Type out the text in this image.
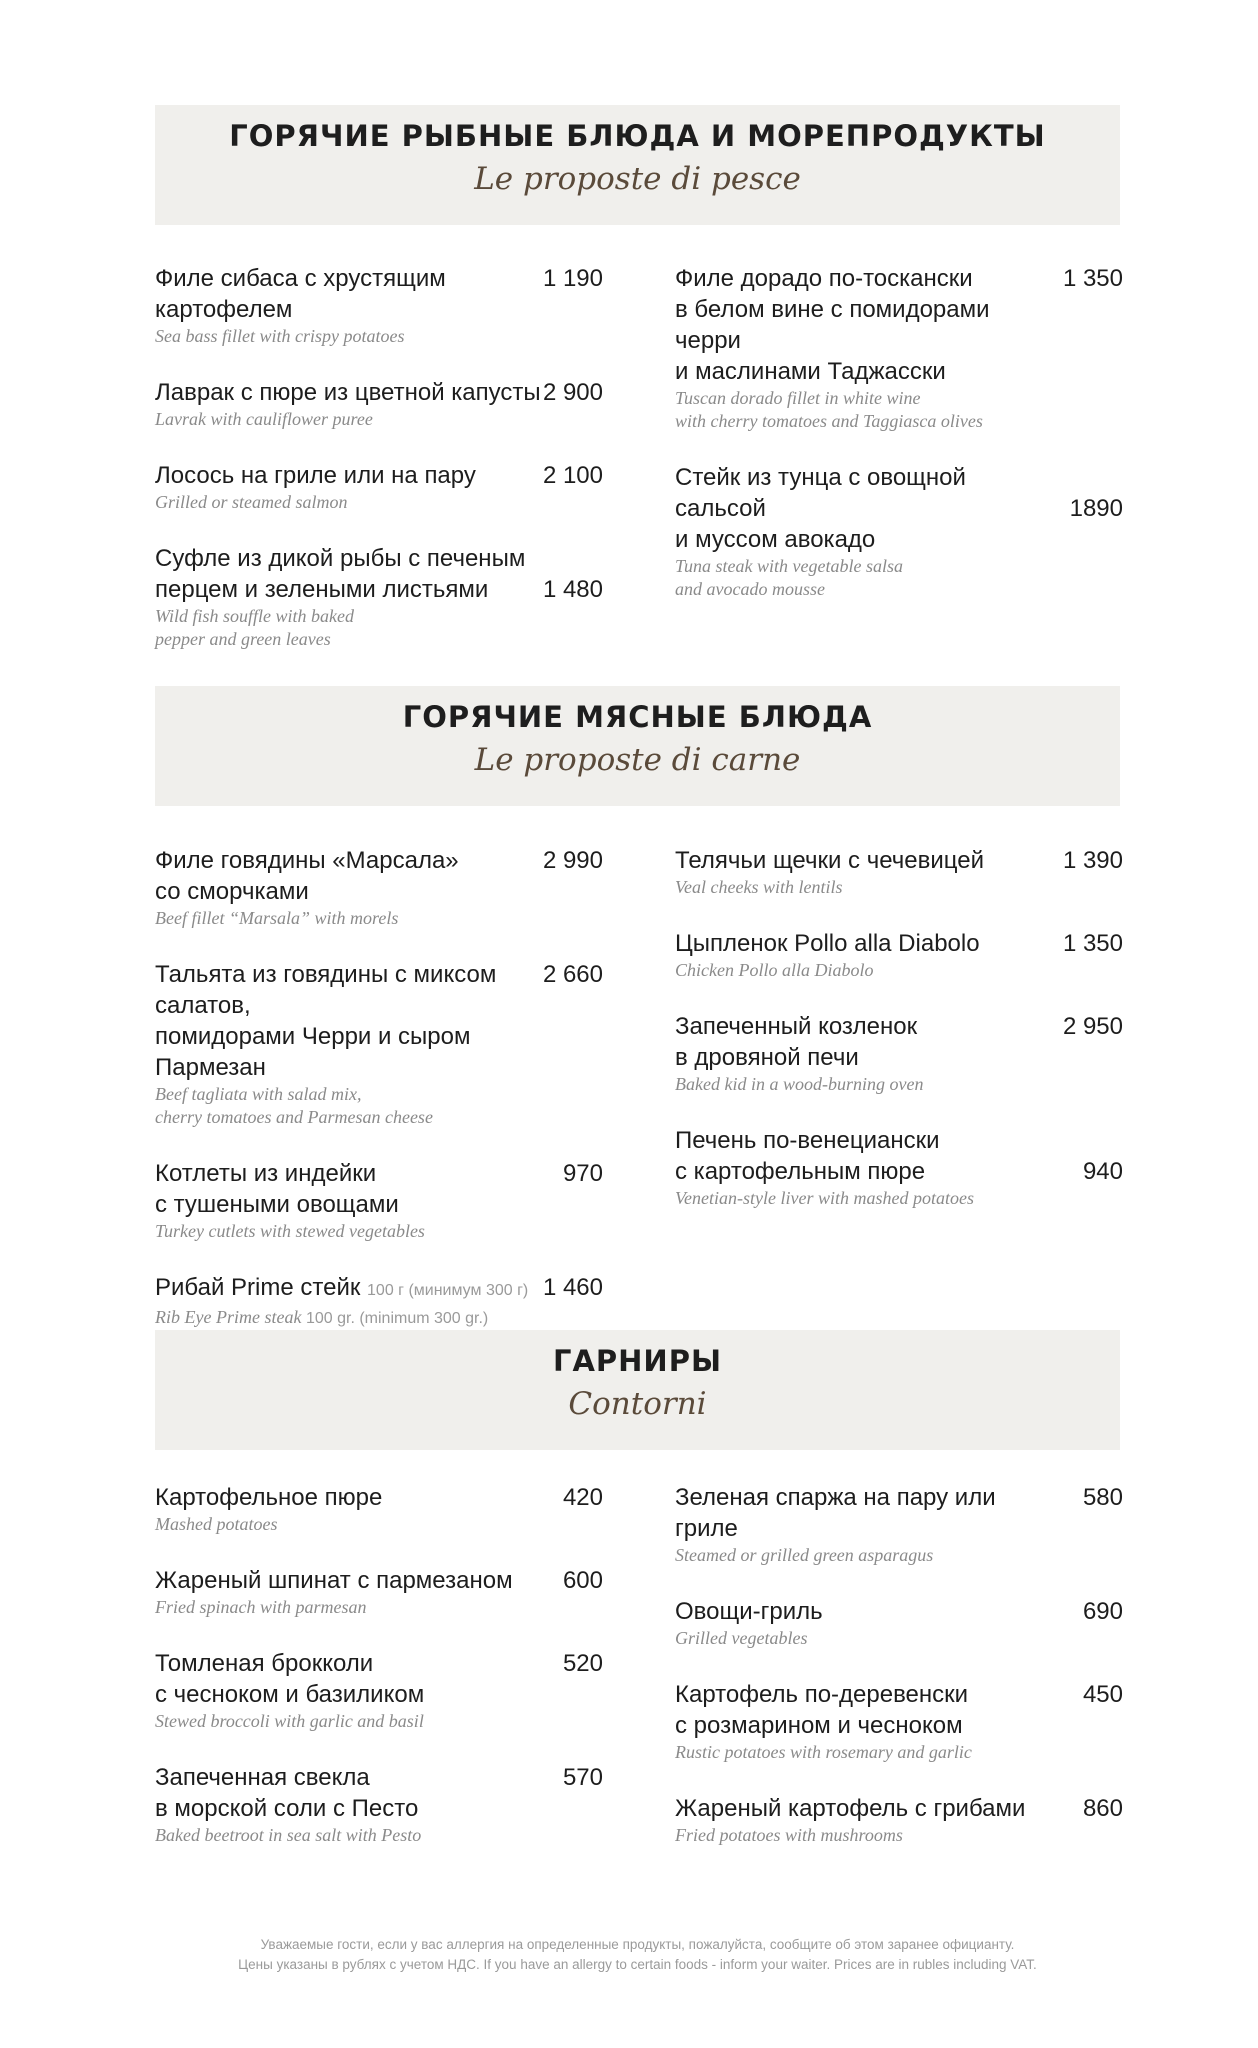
ГОРЯЧИЕ РЫБНЫЕ БЛЮДА И МОРЕПРОДУКТЫ
Le proposte di pesce
1 190
Филе сибаса с хрустящим картофелем
Sea bass fillet with crispy potatoes
2 900
Лаврак с пюре из цветной капусты
Lavrak with cauliflower puree
2 100
Лосось на гриле или на пару
Grilled or steamed salmon
1 480
Суфле из дикой рыбы с печеным
перцем и зелеными листьями
Wild fish souffle with baked
pepper and green leaves
1 350
Филе дорадо по-тоскански
в белом вине с помидорами черри
и маслинами Таджасски
Tuscan dorado fillet in white wine
with cherry tomatoes and Taggiasca olives
1890
Стейк из тунца с овощной сальсой
и муссом авокадо
Tuna steak with vegetable salsa
and avocado mousse
ГОРЯЧИЕ МЯСНЫЕ БЛЮДА
Le proposte di carne
2 990
Филе говядины «Марсала»
со сморчками
Beef fillet “Marsala” with morels
2 660
Тальята из говядины с миксом салатов,
помидорами Черри и сыром Пармезан
Beef tagliata with salad mix,
cherry tomatoes and Parmesan cheese
970
Котлеты из индейки
с тушеными овощами
Turkey cutlets with stewed vegetables
1 460
Рибай Prime стейк 100 г (минимум 300 г)
Rib Eye Prime steak 100 gr. (minimum 300 gr.)
1 390
Телячьи щечки с чечевицей
Veal cheeks with lentils
1 350
Цыпленок Pollo alla Diabolo
Chicken Pollo alla Diabolo
2 950
Запеченный козленок
в дровяной печи
Baked kid in a wood-burning oven
940
Печень по-венециански
с картофельным пюре
Venetian-style liver with mashed potatoes
ГАРНИРЫ
Contorni
420
Картофельное пюре
Mashed potatoes
600
Жареный шпинат с пармезаном
Fried spinach with parmesan
520
Томленая брокколи
с чесноком и базиликом
Stewed broccoli with garlic and basil
570
Запеченная свекла
в морской соли с Песто
Baked beetroot in sea salt with Pesto
580
Зеленая спаржа на пару или гриле
Steamed or grilled green asparagus
690
Овощи-гриль
Grilled vegetables
450
Картофель по-деревенски
с розмарином и чесноком
Rustic potatoes with rosemary and garlic
860
Жареный картофель с грибами
Fried potatoes with mushrooms
Уважаемые гости, если у вас аллергия на определенные продукты, пожалуйста, сообщите об этом заранее официанту.
Цены указаны в рублях с учетом НДС. If you have an allergy to certain foods - inform your waiter. Prices are in rubles including VAT.
